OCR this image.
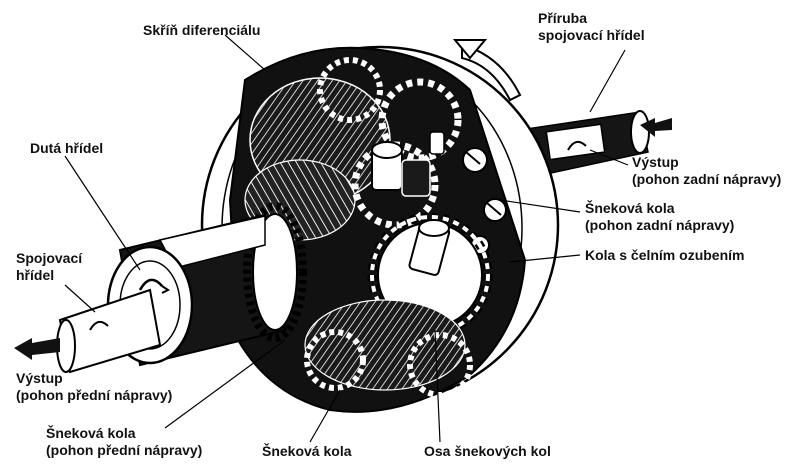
Skříň diferenciálu
Příruba
spojovací hřídel
Dutá hřídel
Výstup
(pohon zadní nápravy)
Šneková kola
(pohon zadní nápravy)
Kola s čelním ozubením
Spojovací
hřídel
Výstup
(pohon přední nápravy)
Šneková kola
(pohon přední nápravy)	Šneková kola	Osa šnekových kol
